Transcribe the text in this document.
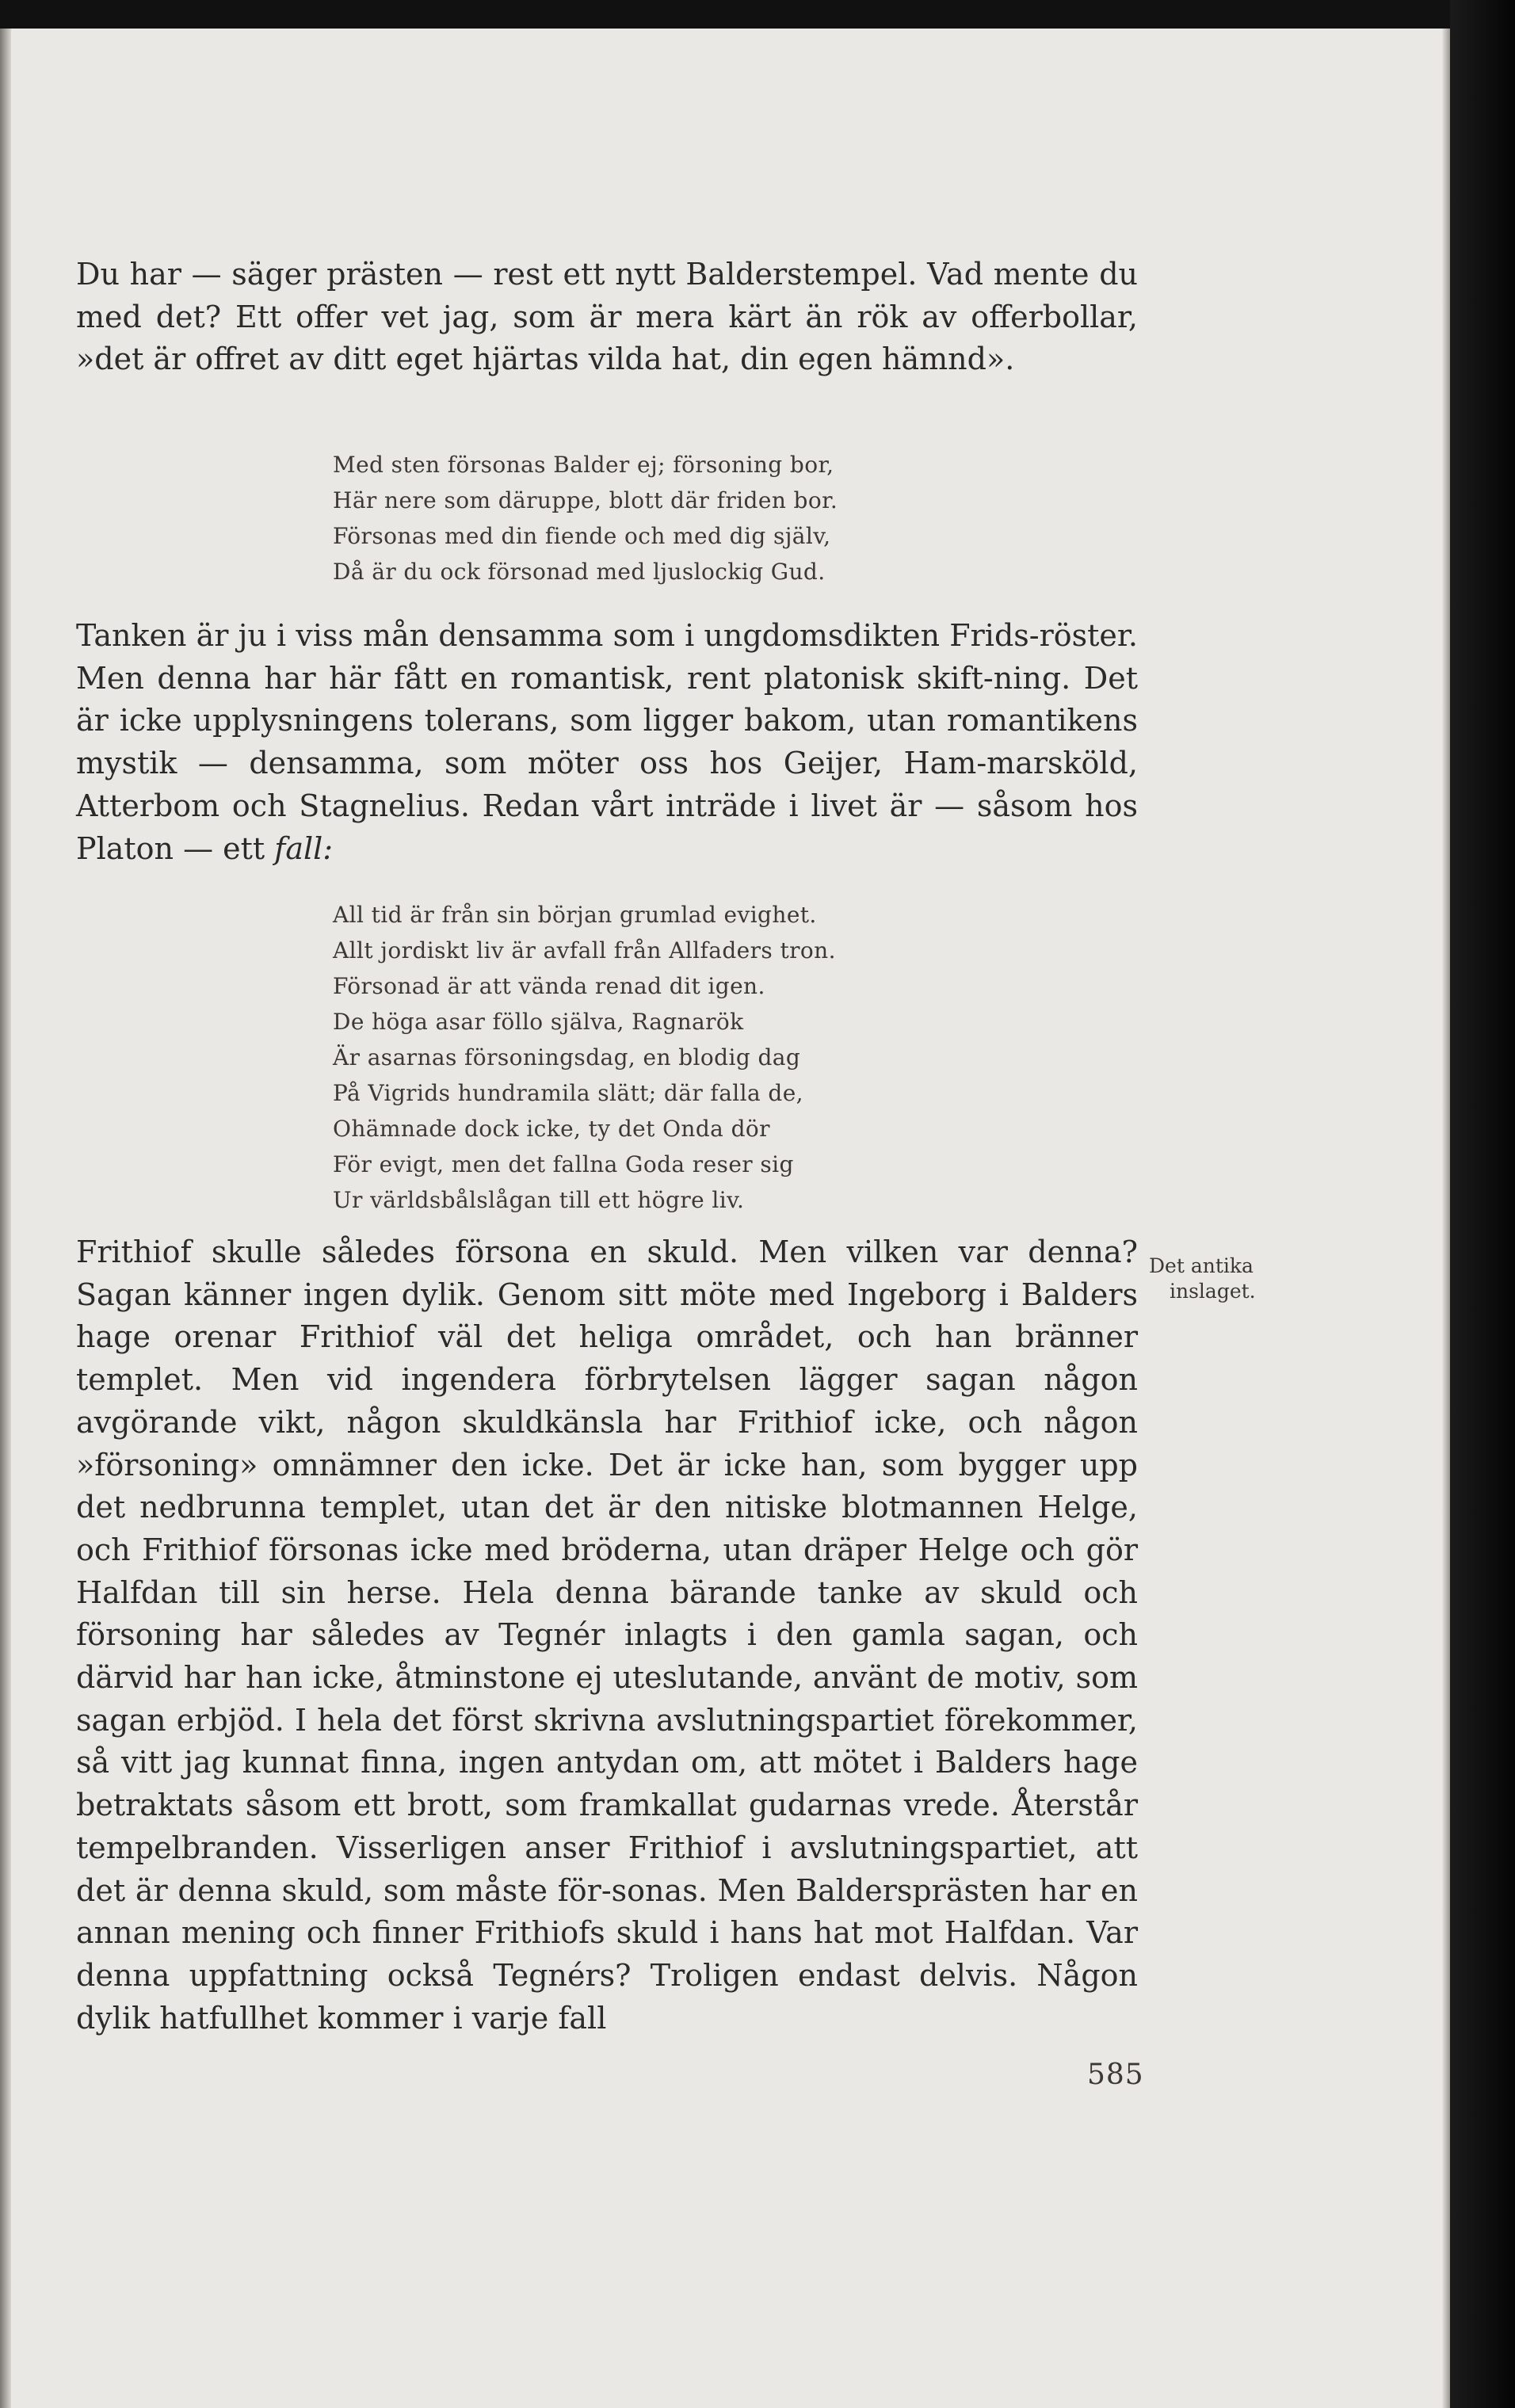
Du har — säger prästen — rest ett nytt Balderstempel. Vad mente du med det? Ett offer vet jag, som är mera kärt än rök av offerbollar, »det är offret av ditt eget hjärtas vilda hat, din egen hämnd».

Med sten försonas Balder ej; försoning bor,
Här nere som däruppe, blott där friden bor.
Försonas med din fiende och med dig själv,
Då är du ock försonad med ljuslockig Gud.

Tanken är ju i viss mån densamma som i ungdomsdikten Frids-röster. Men denna har här fått en romantisk, rent platonisk skift-ning. Det är icke upplysningens tolerans, som ligger bakom, utan romantikens mystik — densamma, som möter oss hos Geijer, Ham-marsköld, Atterbom och Stagnelius. Redan vårt inträde i livet är — såsom hos Platon — ett fall:

All tid är från sin början grumlad evighet.
Allt jordiskt liv är avfall från Allfaders tron.
Försonad är att vända renad dit igen.
De höga asar föllo själva, Ragnarök
Är asarnas försoningsdag, en blodig dag
På Vigrids hundramila slätt; där falla de,
Ohämnade dock icke, ty det Onda dör
För evigt, men det fallna Goda reser sig
Ur världsbålslågan till ett högre liv.

Frithiof skulle således försona en skuld. Men vilken var denna? Sagan känner ingen dylik. Genom sitt möte med Ingeborg i Balders hage orenar Frithiof väl det heliga området, och han bränner templet. Men vid ingendera förbrytelsen lägger sagan någon avgörande vikt, någon skuldkänsla har Frithiof icke, och någon »försoning» omnämner den icke. Det är icke han, som bygger upp det nedbrunna templet, utan det är den nitiske blotmannen Helge, och Frithiof försonas icke med bröderna, utan dräper Helge och gör Halfdan till sin herse. Hela denna bärande tanke av skuld och försoning har således av Tegnér inlagts i den gamla sagan, och därvid har han icke, åtminstone ej uteslutande, använt de motiv, som sagan erbjöd. I hela det först skrivna avslutningspartiet förekommer, så vitt jag kunnat finna, ingen antydan om, att mötet i Balders hage betraktats såsom ett brott, som framkallat gudarnas vrede. Återstår tempelbranden. Visserligen anser Frithiof i avslutningspartiet, att det är denna skuld, som måste för-sonas. Men Baldersprästen har en annan mening och finner Frithiofs skuld i hans hat mot Halfdan. Var denna uppfattning också Tegnérs? Troligen endast delvis. Någon dylik hatfullhet kommer i varje fall

Det antika
inslaget.
585
